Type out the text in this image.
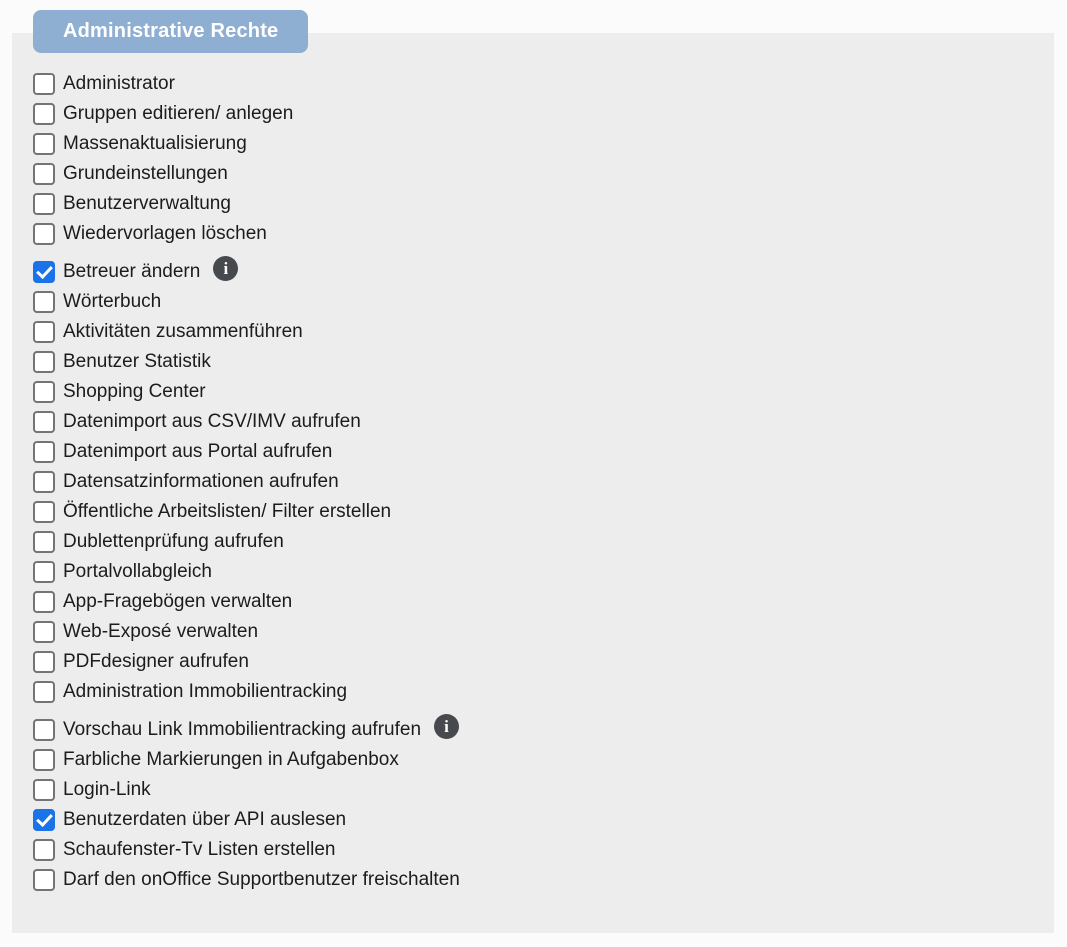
Administrative Rechte
Administrator
Gruppen editieren/ anlegen
Massenaktualisierung
Grundeinstellungen
Benutzerverwaltung
Wiedervorlagen löschen
Betreuer ändern	i
Wörterbuch
Aktivitäten zusammenführen
Benutzer Statistik
Shopping Center
Datenimport aus CSV/IMV aufrufen
Datenimport aus Portal aufrufen
Datensatzinformationen aufrufen
Öffentliche Arbeitslisten/ Filter erstellen
Dublettenprüfung aufrufen
Portalvollabgleich
App-Fragebögen verwalten
Web-Exposé verwalten
PDFdesigner aufrufen
Administration Immobilientracking
Vorschau Link Immobilientracking aufrufen	i
Farbliche Markierungen in Aufgabenbox
Login-Link
Benutzerdaten über API auslesen
Schaufenster-Tv Listen erstellen
Darf den onOffice Supportbenutzer freischalten
